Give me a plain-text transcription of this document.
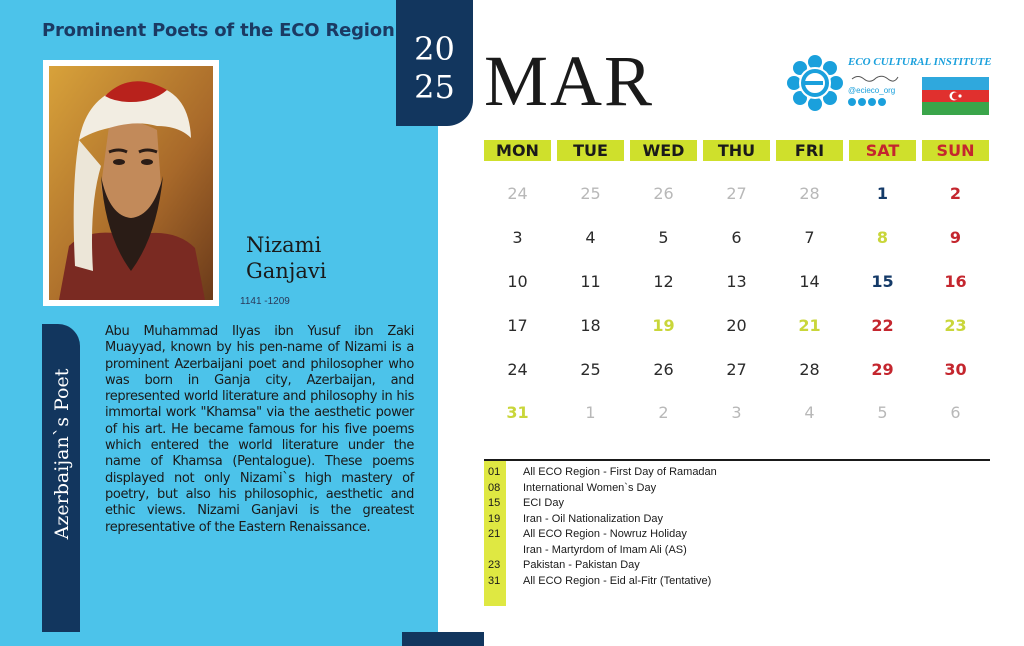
Prominent Poets of the ECO Region
Nizami
Ganjavi
1141 -1209
Azerbaijan`s Poet
Abu Muhammad Ilyas ibn Yusuf ibn Zaki Muayyad, known by his pen-name of Nizami is a prominent Azerbaijani poet and philosopher who was born in Ganja city, Azerbaijan, and represented world literature and philosophy in his immortal work "Khamsa" via the aesthetic power of his art. He became famous for his five poems which entered the world literature under the name of Khamsa (Pentalogue). These poems displayed not only Nizami`s high mastery of poetry, but also his philosophic, aesthetic and ethic views. Nizami Ganjavi is the greatest representative of the Eastern Renaissance.
20
25 MAR	ECO CULTURAL INSTITUTE
@ecieco_org
MON	TUE	WED	THU	FRI	SAT	SUN
24	25	26	27	28	1	2
3	4	5	6	7	8	9
10	11	12	13	14	15	16
17	18	19	20	21	22	23
24	25	26	27	28	29	30
31	1	2	3	4	5	6
01 All ECO Region - First Day of Ramadan
08 International Women`s Day
15 ECI Day
19 Iran - Oil Nationalization Day
21 All ECO Region - Nowruz Holiday
Iran - Martyrdom of Imam Ali (AS)
23 Pakistan - Pakistan Day
31 All ECO Region - Eid al-Fitr (Tentative)
